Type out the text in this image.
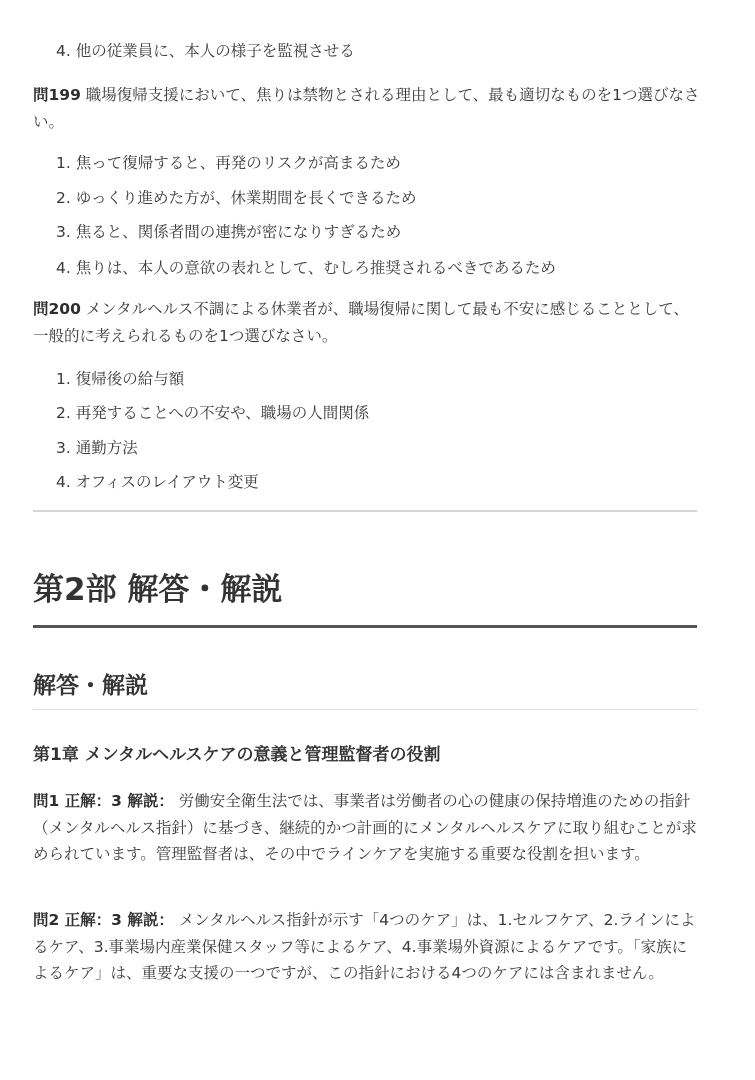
4. 他の従業員に、本人の様子を監視させる
問199 職場復帰支援において、焦りは禁物とされる理由として、最も適切なものを1つ選びなさい。
1. 焦って復帰すると、再発のリスクが高まるため
2. ゆっくり進めた方が、休業期間を長くできるため
3. 焦ると、関係者間の連携が密になりすぎるため
4. 焦りは、本人の意欲の表れとして、むしろ推奨されるべきであるため
問200 メンタルヘルス不調による休業者が、職場復帰に関して最も不安に感じることとして、一般的に考えられるものを1つ選びなさい。
1. 復帰後の給与額
2. 再発することへの不安や、職場の人間関係
3. 通勤方法
4. オフィスのレイアウト変更
第2部 解答・解説
解答・解説
第1章 メンタルヘルスケアの意義と管理監督者の役割

問1 正解：3 解説： 労働安全衛生法では、事業者は労働者の心の健康の保持増進のための指針（メンタルヘルス指針）に基づき、継続的かつ計画的にメンタルヘルスケアに取り組むことが求められています。管理監督者は、その中でラインケアを実施する重要な役割を担います。

問2 正解：3 解説： メンタルヘルス指針が示す「4つのケア」は、1.セルフケア、2.ラインによるケア、3.事業場内産業保健スタッフ等によるケア、4.事業場外資源によるケアです。「家族によるケア」は、重要な支援の一つですが、この指針における4つのケアには含まれません。
